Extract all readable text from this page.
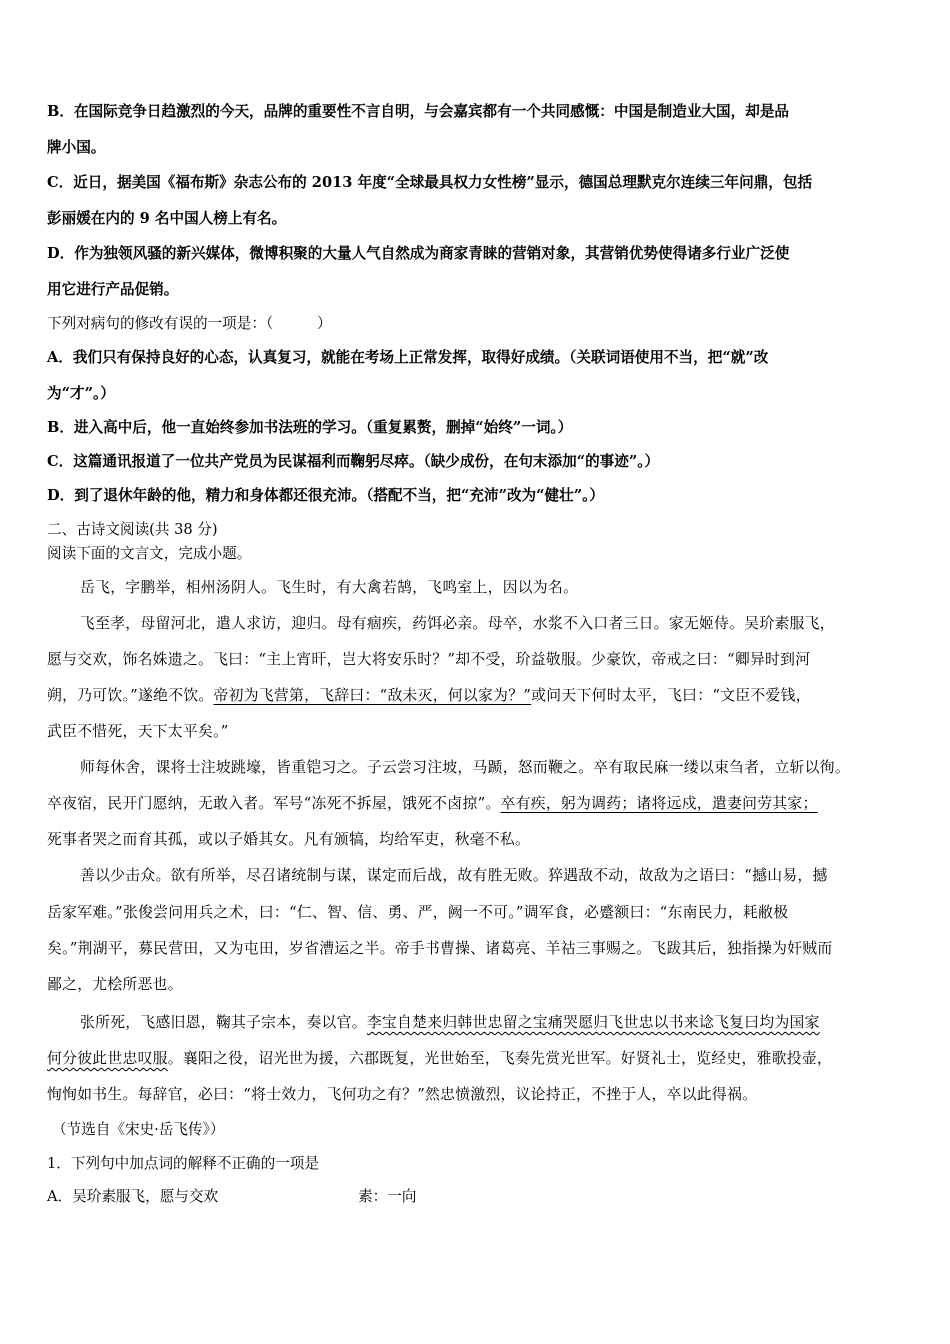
B．在国际竞争日趋激烈的今天，品牌的重要性不言自明，与会嘉宾都有一个共同感慨：中国是制造业大国，却是品
牌小国。
C．近日，据美国《福布斯》杂志公布的 2013 年度“全球最具权力女性榜”显示，德国总理默克尔连续三年问鼎，包括
彭丽媛在内的 9 名中国人榜上有名。
D．作为独领风骚的新兴媒体，微博积聚的大量人气自然成为商家青睐的营销对象，其营销优势使得诸多行业广泛使
用它进行产品促销。
下列对病句的修改有误的一项是：（　　　）
A．我们只有保持良好的心态，认真复习，就能在考场上正常发挥，取得好成绩。（关联词语使用不当，把“就”改
为“才”。）
B．进入高中后，他一直始终参加书法班的学习。（重复累赘，删掉“始终”一词。）
C．这篇通讯报道了一位共产党员为民谋福利而鞠躬尽瘁。（缺少成份，在句末添加“的事迹”。）
D．到了退休年龄的他，精力和身体都还很充沛。（搭配不当，把“充沛”改为“健壮”。）
二、古诗文阅读(共 38 分)
阅读下面的文言文，完成小题。
岳飞，字鹏举，相州汤阴人。飞生时，有大禽若鹄，飞鸣室上，因以为名。
飞至孝，母留河北，遣人求访，迎归。母有痼疾，药饵必亲。母卒，水浆不入口者三日。家无姬侍。吴玠素服飞，
愿与交欢，饰名姝遗之。飞曰：“主上宵旰，岂大将安乐时？”却不受，玠益敬服。少豪饮，帝戒之曰：“卿异时到河
朔，乃可饮。”遂绝不饮。帝初为飞营第，飞辞曰：“敌未灭，何以家为？”或问天下何时太平，飞曰：“文臣不爱钱，
武臣不惜死，天下太平矣。”
师每休舍，课将士注坡跳壕，皆重铠习之。子云尝习注坡，马踬，怒而鞭之。卒有取民麻一缕以束刍者，立斩以徇。
卒夜宿，民开门愿纳，无敢入者。军号“冻死不拆屋，饿死不卤掠”。卒有疾，躬为调药；诸将远戍，遣妻问劳其家；
死事者哭之而育其孤，或以子婚其女。凡有颁犒，均给军吏，秋毫不私。
善以少击众。欲有所举，尽召诸统制与谋，谋定而后战，故有胜无败。猝遇敌不动，故敌为之语曰：“撼山易，撼
岳家军难。”张俊尝问用兵之术，曰：“仁、智、信、勇、严，阙一不可。”调军食，必蹙额曰：“东南民力，耗敝极
矣。”荆湖平，募民营田，又为屯田，岁省漕运之半。帝手书曹操、诸葛亮、羊祜三事赐之。飞跋其后，独指操为奸贼而
鄙之，尤桧所恶也。
张所死，飞感旧恩，鞠其子宗本，奏以官。李宝自楚来归韩世忠留之宝痛哭愿归飞世忠以书来谂飞复曰均为国家
何分彼此世忠叹服。襄阳之役，诏光世为援，六郡既复，光世始至，飞奏先赏光世军。好贤礼士，览经史，雅歌投壶，
恂恂如书生。每辞官，必曰：“将士效力，飞何功之有？”然忠愤激烈，议论持正，不挫于人，卒以此得祸。
（节选自《宋史·岳飞传》）
1．下列句中加点词的解释不正确的一项是
A．吴玠素服飞，愿与交欢	素：一向
